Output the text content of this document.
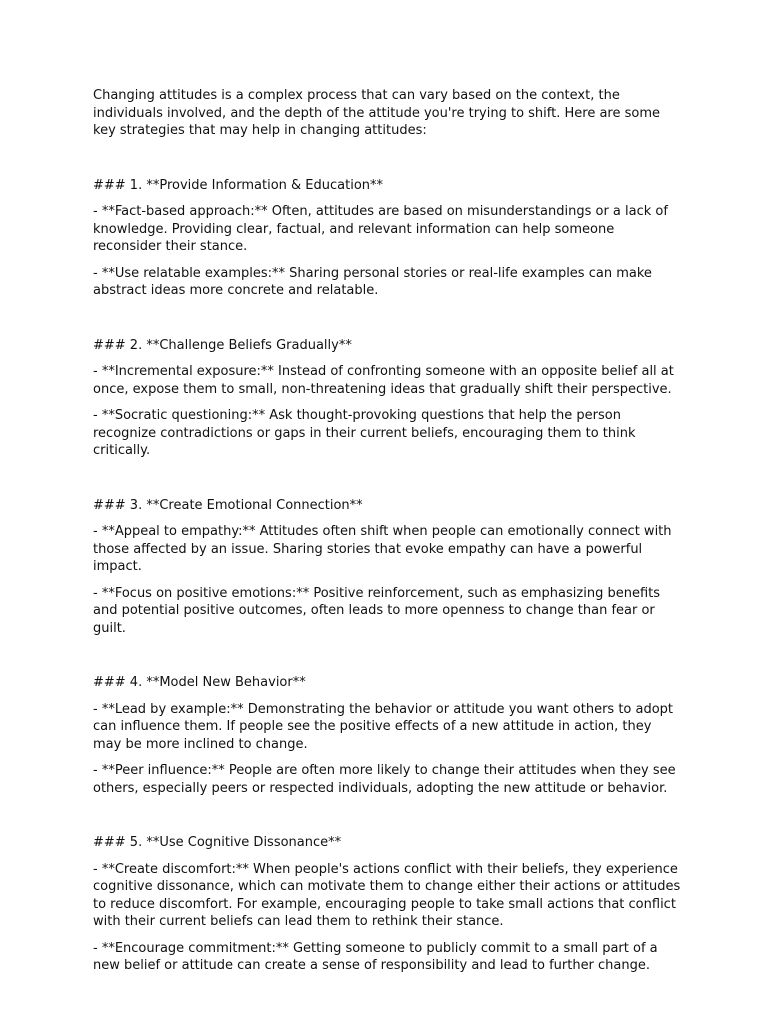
Changing attitudes is a complex process that can vary based on the context, the individuals involved, and the depth of the attitude you're trying to shift. Here are some key strategies that may help in changing attitudes:

### 1. **Provide Information & Education**

- **Fact-based approach:** Often, attitudes are based on misunderstandings or a lack of knowledge. Providing clear, factual, and relevant information can help someone reconsider their stance.

- **Use relatable examples:** Sharing personal stories or real-life examples can make abstract ideas more concrete and relatable.

### 2. **Challenge Beliefs Gradually**

- **Incremental exposure:** Instead of confronting someone with an opposite belief all at once, expose them to small, non-threatening ideas that gradually shift their perspective.

- **Socratic questioning:** Ask thought-provoking questions that help the person recognize contradictions or gaps in their current beliefs, encouraging them to think critically.

### 3. **Create Emotional Connection**

- **Appeal to empathy:** Attitudes often shift when people can emotionally connect with those affected by an issue. Sharing stories that evoke empathy can have a powerful impact.

- **Focus on positive emotions:** Positive reinforcement, such as emphasizing benefits and potential positive outcomes, often leads to more openness to change than fear or guilt.

### 4. **Model New Behavior**

- **Lead by example:** Demonstrating the behavior or attitude you want others to adopt can influence them. If people see the positive effects of a new attitude in action, they may be more inclined to change.

- **Peer influence:** People are often more likely to change their attitudes when they see others, especially peers or respected individuals, adopting the new attitude or behavior.

### 5. **Use Cognitive Dissonance**

- **Create discomfort:** When people's actions conflict with their beliefs, they experience cognitive dissonance, which can motivate them to change either their actions or attitudes to reduce discomfort. For example, encouraging people to take small actions that conflict with their current beliefs can lead them to rethink their stance.

- **Encourage commitment:** Getting someone to publicly commit to a small part of a new belief or attitude can create a sense of responsibility and lead to further change.
